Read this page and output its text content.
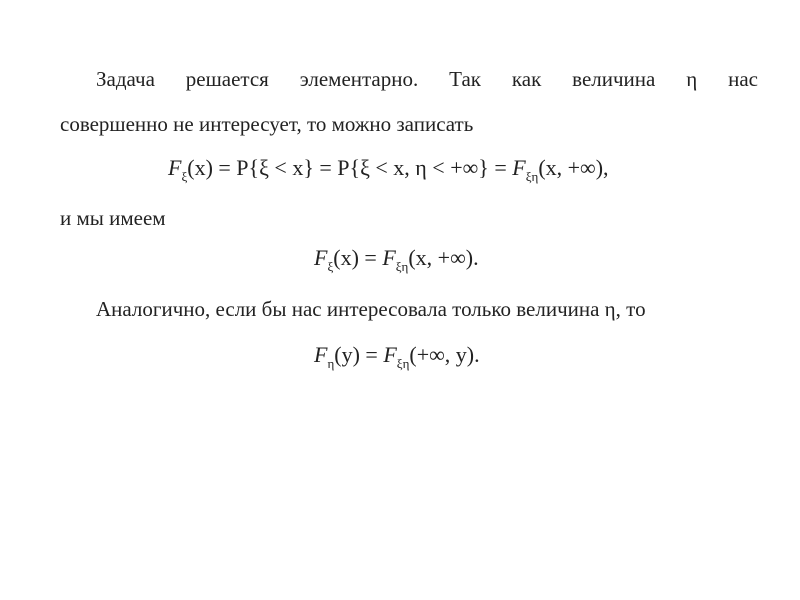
Задача решается элементарно. Так как величина η нас
совершенно не интересует, то можно записать
$F_\xi(x) = P\{\xi < x\} = P\{\xi < x$, η < +∞} = $F_{\xi\eta}(x$, +∞),
и мы имеем
$F_\xi(x) = F_{\xi\eta}(x$, +∞).
Аналогично, если бы нас интересовала только величина η, то
$F_\eta(y) = F_{\xi\eta}(+\infty$, y).
